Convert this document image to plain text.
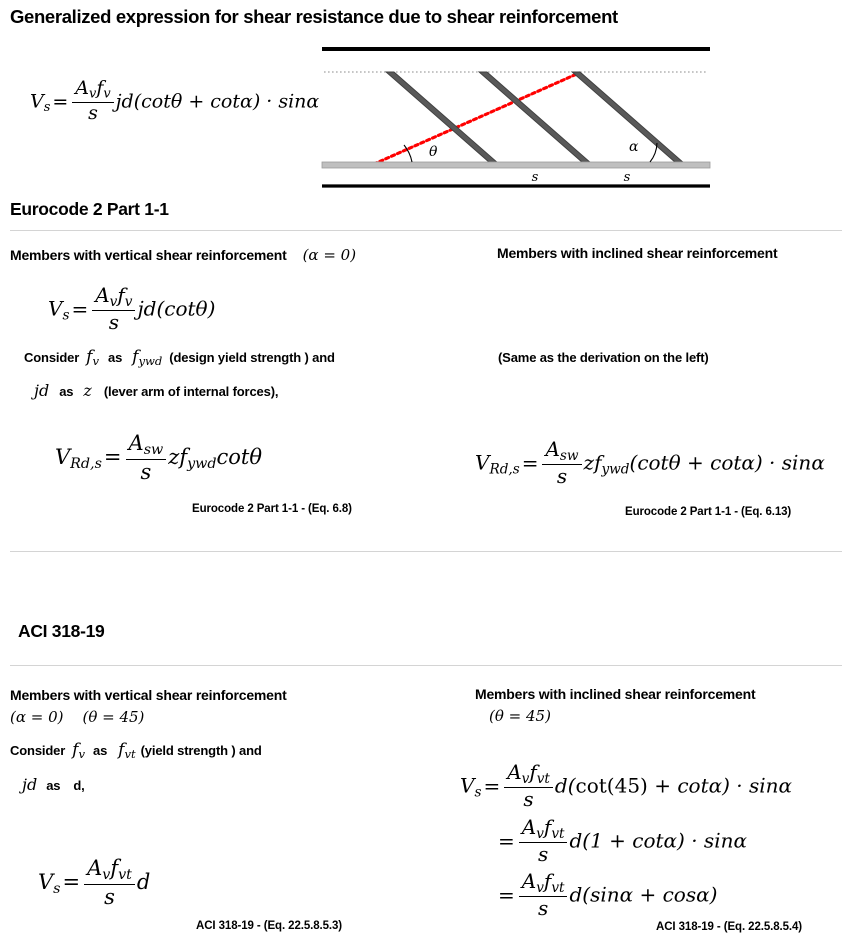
Generalized expression for shear resistance due to shear reinforcement
$V_s = \frac{A_vf_v}{s} jd(\cot\theta + \cot\alpha) \cdot \sin\alpha$
θ	α
s	s
Eurocode 2 Part 1-1
Members with vertical shear reinforcement (α = 0)
$V_s = \frac{A_vf_v}{s} jd(\cot\theta)$
Consider $f_v$ as $f_{ywd}$ (design yield strength ) and
jd as z (lever arm of internal forces),
$V_{Rd,s}= \frac{A_{sw}}{s} zf_{ywd}\cot\theta$
Eurocode 2 Part 1-1 - (Eq. 6.8)
Members with inclined shear reinforcement
(Same as the derivation on the left)
$V_{Rd,s} = \frac{A_{sw}}{s} zf_{ywd}(\cot\theta + \cot\alpha) \cdot \sin\alpha$
Eurocode 2 Part 1-1 - (Eq. 6.13)
ACI 318-19
Members with vertical shear reinforcement
(α = 0) (θ = 45)
Consider $f_v$ as $f_{vt}$ (yield strength ) and
jd as d,
$V_s= \frac{A_vf_{vt}}{s}$ d
ACI 318-19 - (Eq. 22.5.8.5.3)
Members with inclined shear reinforcement
(θ = 45)
$V_s = \frac{A_vf_{vt}}{s} d(\cot(45) + \cot\alpha) \cdot \sin\alpha$
= $\frac{A_vf_{vt}}{s} d(1 + \cot\alpha) \cdot \sin\alpha$
= $\frac{A_vf_{vt}}{s} d(\sin\alpha + \cos\alpha)$
ACI 318-19 - (Eq. 22.5.8.5.4)
